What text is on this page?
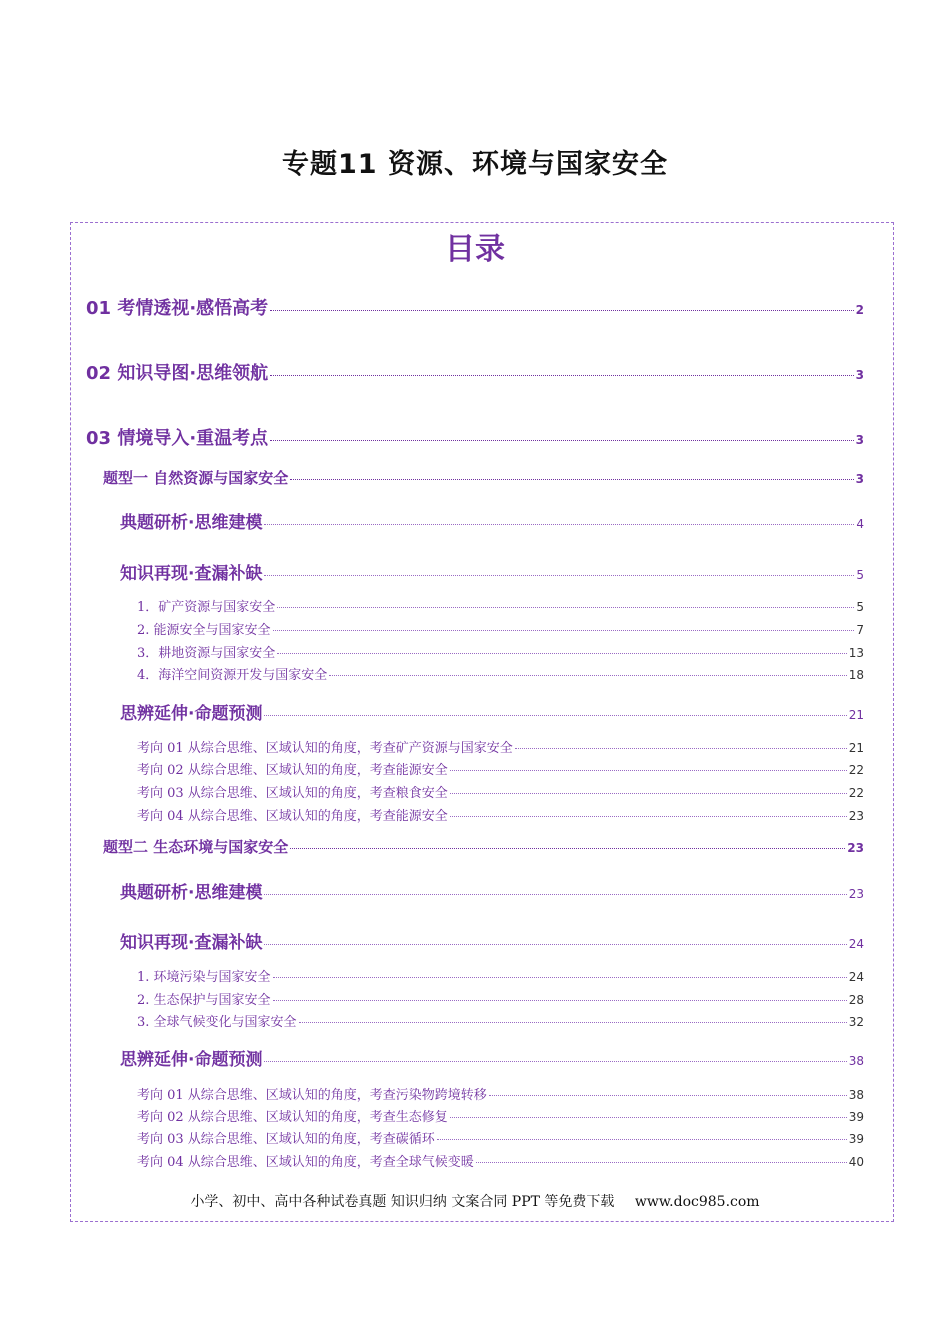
专题11 资源、环境与国家安全
目录
01 考情透视·感悟高考	2
02 知识导图·思维领航	3
03 情境导入·重温考点	3
题型一 自然资源与国家安全	3
典题研析·思维建模	4
知识再现·查漏补缺	5
1．矿产资源与国家安全	5
2. 能源安全与国家安全	7
3．耕地资源与国家安全	13
4．海洋空间资源开发与国家安全	18
思辨延伸·命题预测	21
考向 01 从综合思维、区域认知的角度，考查矿产资源与国家安全	21
考向 02 从综合思维、区域认知的角度，考查能源安全	22
考向 03 从综合思维、区域认知的角度，考查粮食安全	22
考向 04 从综合思维、区域认知的角度，考查能源安全	23
题型二 生态环境与国家安全	23
典题研析·思维建模	23
知识再现·查漏补缺	24
1. 环境污染与国家安全	24
2. 生态保护与国家安全	28
3. 全球气候变化与国家安全	32
思辨延伸·命题预测	38
考向 01 从综合思维、区域认知的角度，考查污染物跨境转移	38
考向 02 从综合思维、区域认知的角度，考查生态修复	39
考向 03 从综合思维、区域认知的角度，考查碳循环	39
考向 04 从综合思维、区域认知的角度，考查全球气候变暖	40
小学、初中、高中各种试卷真题 知识归纳 文案合同 PPT 等免费下载 www.doc985.com
